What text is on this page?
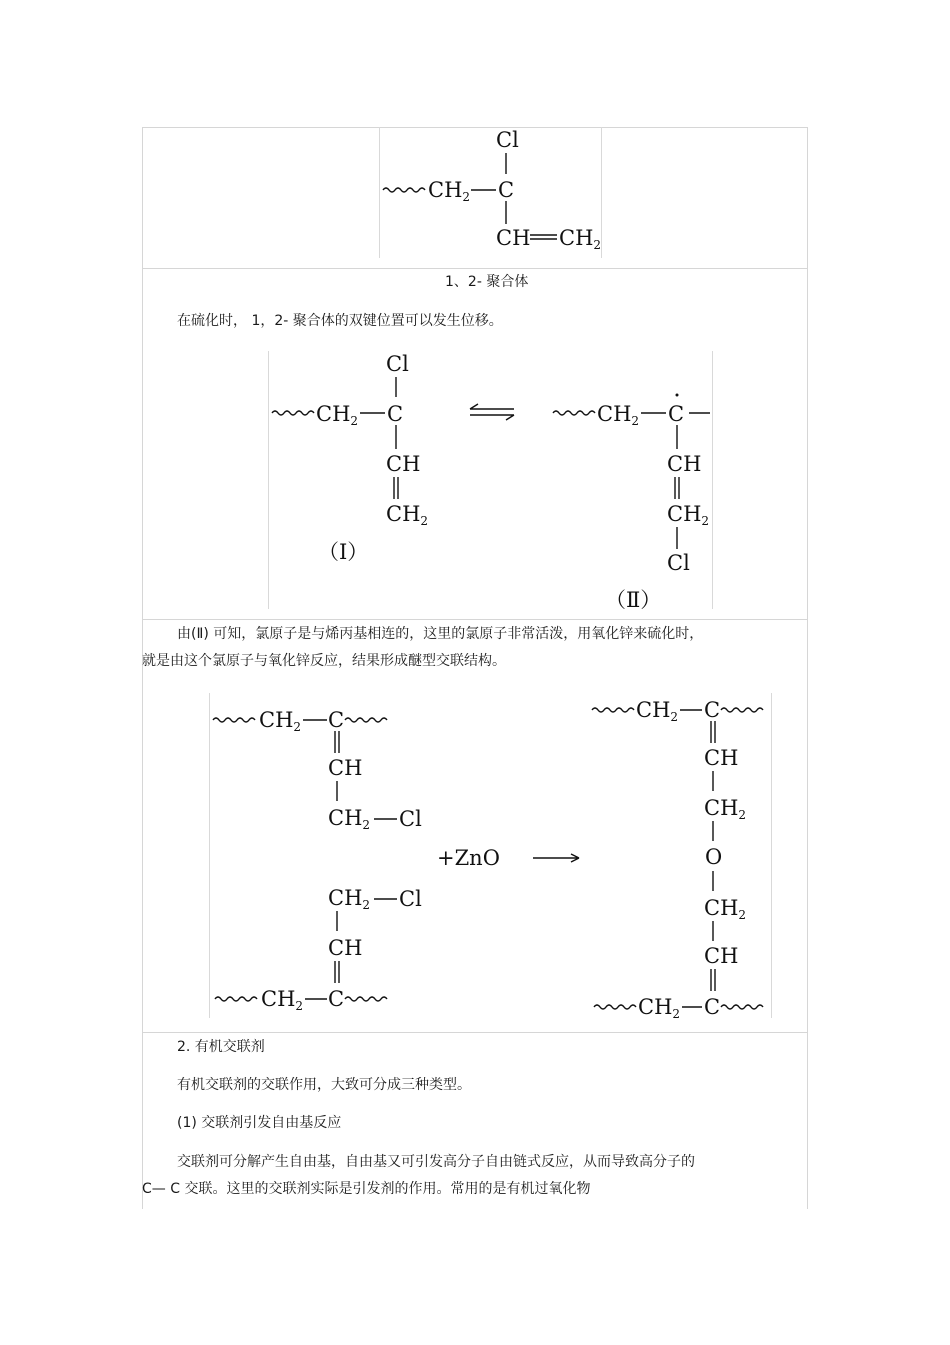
CH2 C
Cl
CH CH2
1、2- 聚合体
在硫化时， 1，2- 聚合体的双键位置可以发生位移。
CH2 C
Cl
CH
CH2
（Ⅰ）
CH2 C
CH
CH2
Cl
（Ⅱ）
由(Ⅱ) 可知，氯原子是与烯丙基相连的，这里的氯原子非常活泼，用氧化锌来硫化时，
就是由这个氯原子与氧化锌反应，结果形成醚型交联结构。
CH2 C
CH
CH2 Cl
CH2 Cl
CH
CH2 C
+ZnO
CH2 C
CH
CH2
O
CH2
CH
CH2 C
2. 有机交联剂
有机交联剂的交联作用，大致可分成三种类型。
(1) 交联剂引发自由基反应
交联剂可分解产生自由基，自由基又可引发高分子自由链式反应，从而导致高分子的
C— C 交联。这里的交联剂实际是引发剂的作用。常用的是有机过氧化物
